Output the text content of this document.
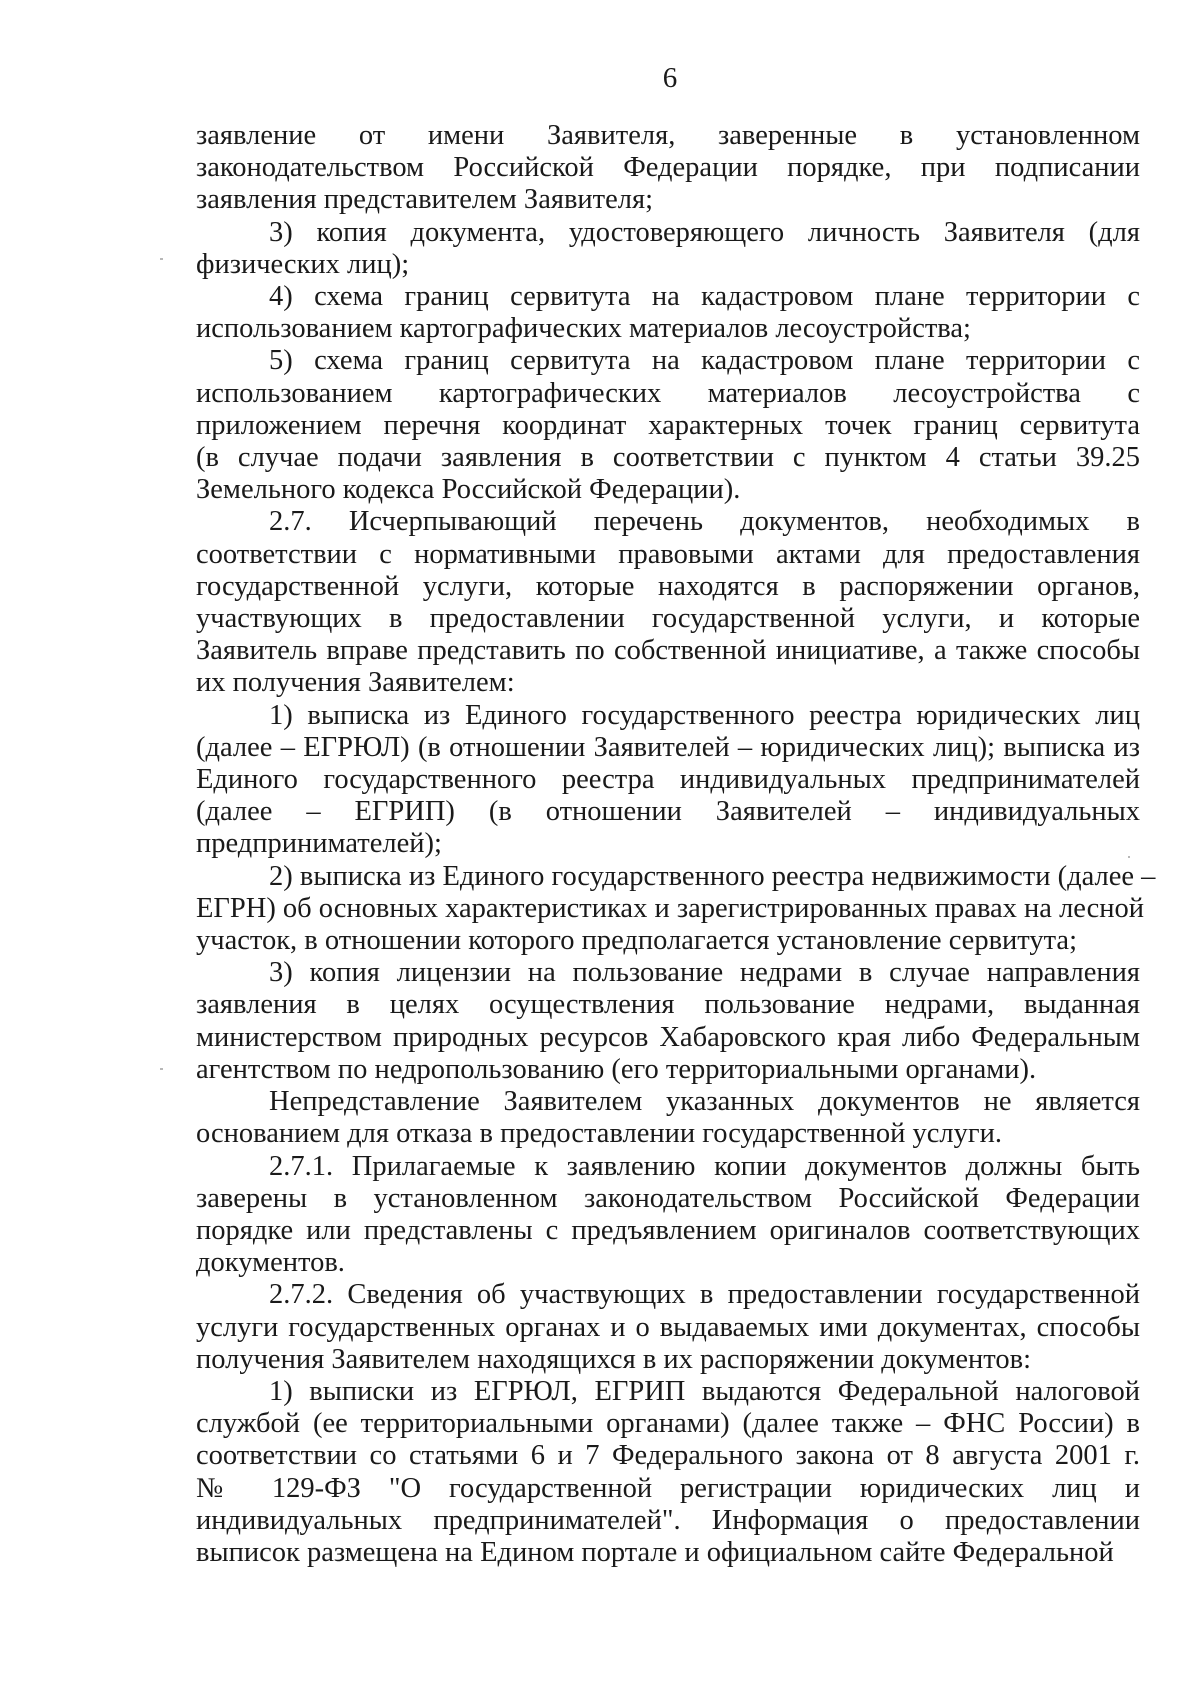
6
заявление от имени Заявителя, заверенные в установленном
законодательством Российской Федерации порядке, при подписании
заявления представителем Заявителя;
3) копия документа, удостоверяющего личность Заявителя (для
физических лиц);
4) схема границ сервитута на кадастровом плане территории с
использованием картографических материалов лесоустройства;
5) схема границ сервитута на кадастровом плане территории с
использованием картографических материалов лесоустройства с
приложением перечня координат характерных точек границ сервитута
(в случае подачи заявления в соответствии с пунктом 4 статьи 39.25
Земельного кодекса Российской Федерации).
2.7. Исчерпывающий перечень документов, необходимых в
соответствии с нормативными правовыми актами для предоставления
государственной услуги, которые находятся в распоряжении органов,
участвующих в предоставлении государственной услуги, и которые
Заявитель вправе представить по собственной инициативе, а также способы
их получения Заявителем:
1) выписка из Единого государственного реестра юридических лиц
(далее – ЕГРЮЛ) (в отношении Заявителей – юридических лиц); выписка из
Единого государственного реестра индивидуальных предпринимателей
(далее – ЕГРИП) (в отношении Заявителей – индивидуальных
предпринимателей);
2) выписка из Единого государственного реестра недвижимости (далее –
ЕГРН) об основных характеристиках и зарегистрированных правах на лесной
участок, в отношении которого предполагается установление сервитута;
3) копия лицензии на пользование недрами в случае направления
заявления в целях осуществления пользование недрами, выданная
министерством природных ресурсов Хабаровского края либо Федеральным
агентством по недропользованию (его территориальными органами).
Непредставление Заявителем указанных документов не является
основанием для отказа в предоставлении государственной услуги.
2.7.1. Прилагаемые к заявлению копии документов должны быть
заверены в установленном законодательством Российской Федерации
порядке или представлены с предъявлением оригиналов соответствующих
документов.
2.7.2. Сведения об участвующих в предоставлении государственной
услуги государственных органах и о выдаваемых ими документах, способы
получения Заявителем находящихся в их распоряжении документов:
1) выписки из ЕГРЮЛ, ЕГРИП выдаются Федеральной налоговой
службой (ее территориальными органами) (далее также – ФНС России) в
соответствии со статьями 6 и 7 Федерального закона от 8 августа 2001 г.
№ 129-ФЗ "О государственной регистрации юридических лиц и
индивидуальных предпринимателей". Информация о предоставлении
выписок размещена на Едином портале и официальном сайте Федеральной
